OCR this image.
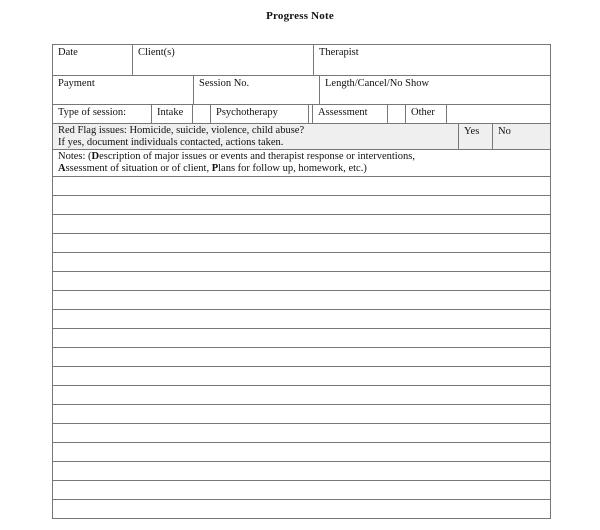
Progress Note
Date	Client(s)	Therapist
Payment	Session No.	Length/Cancel/No Show
Type of session:	Intake	Psychotherapy	Assessment	Other
Red Flag issues: Homicide, suicide, violence, child abuse?
If yes, document individuals contacted, actions taken.
Yes	No
Notes: (Description of major issues or events and therapist response or interventions,
Assessment of situation or of client, Plans for follow up, homework, etc.)
